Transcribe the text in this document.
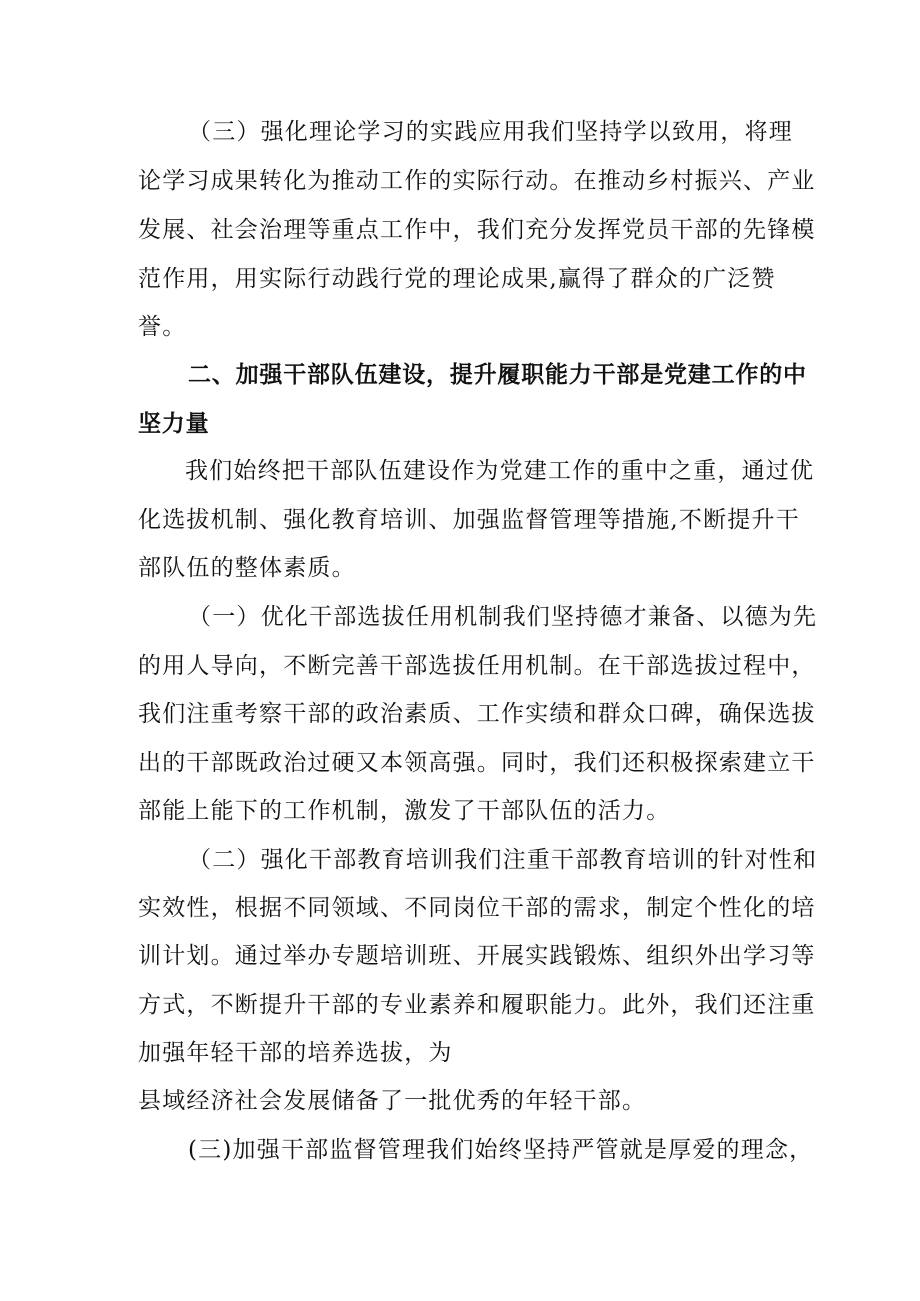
（三）强化理论学习的实践应用我们坚持学以致用，将理
论学习成果转化为推动工作的实际行动。在推动乡村振兴、产业
发展、社会治理等重点工作中，我们充分发挥党员干部的先锋模
范作用，用实际行动践行党的理论成果,赢得了群众的广泛赞
誉。
二、加强干部队伍建设，提升履职能力干部是党建工作的中
坚力量
我们始终把干部队伍建设作为党建工作的重中之重，通过优
化选拔机制、强化教育培训、加强监督管理等措施,不断提升干
部队伍的整体素质。
（一）优化干部选拔任用机制我们坚持德才兼备、以德为先
的用人导向，不断完善干部选拔任用机制。在干部选拔过程中，
我们注重考察干部的政治素质、工作实绩和群众口碑，确保选拔
出的干部既政治过硬又本领高强。同时，我们还积极探索建立干
部能上能下的工作机制，激发了干部队伍的活力。
（二）强化干部教育培训我们注重干部教育培训的针对性和
实效性，根据不同领域、不同岗位干部的需求，制定个性化的培
训计划。通过举办专题培训班、开展实践锻炼、组织外出学习等
方式，不断提升干部的专业素养和履职能力。此外，我们还注重
加强年轻干部的培养选拔，为
县域经济社会发展储备了一批优秀的年轻干部。
(三)加强干部监督管理我们始终坚持严管就是厚爱的理念，
